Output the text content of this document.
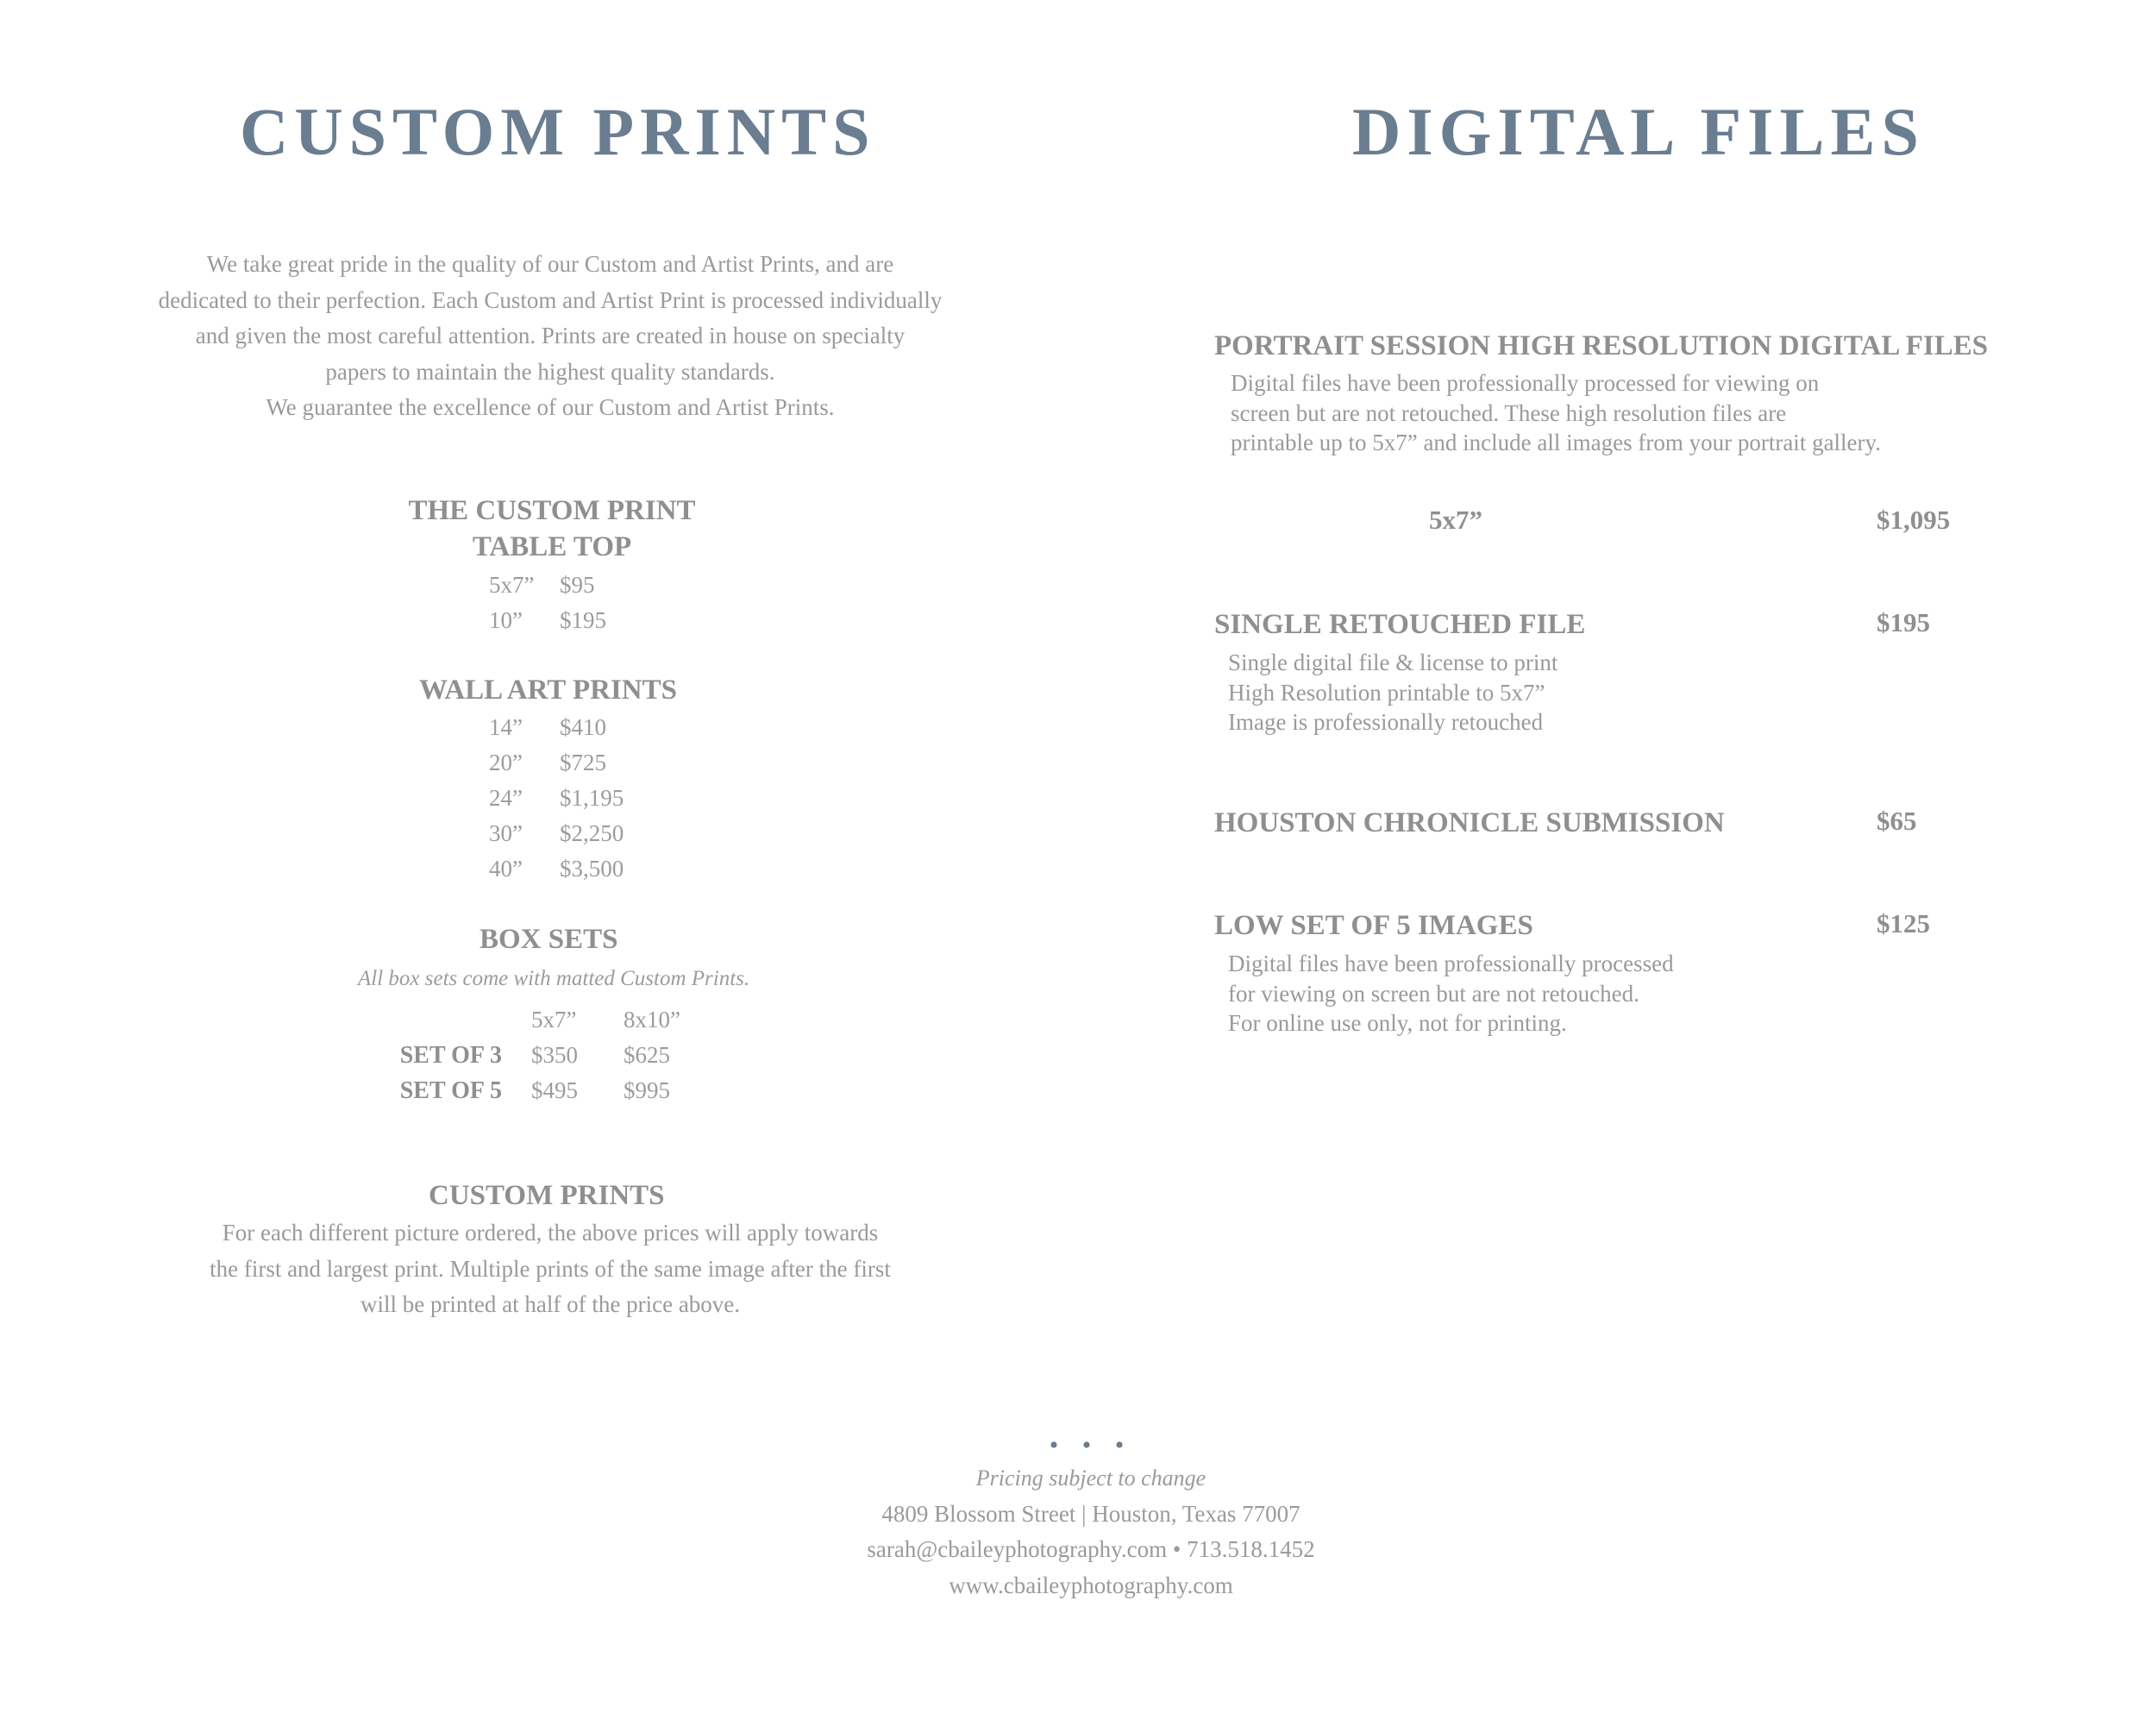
CUSTOM PRINTS
We take great pride in the quality of our Custom and Artist Prints, and are
dedicated to their perfection. Each Custom and Artist Print is processed individually
and given the most careful attention. Prints are created in house on specialty
papers to maintain the highest quality standards.
We guarantee the excellence of our Custom and Artist Prints.
THE CUSTOM PRINT
TABLE TOP
5x7”	$95
10”	$195
WALL ART PRINTS
14”	$410
20”	$725
24”	$1,195
30”	$2,250
40”	$3,500
BOX SETS
All box sets come with matted Custom Prints.
	5x7”	8x10”
SET OF 3	$350	$625
SET OF 5	$495	$995
CUSTOM PRINTS
For each different picture ordered, the above prices will apply towards
the first and largest print. Multiple prints of the same image after the first
will be printed at half of the price above.
DIGITAL FILES
PORTRAIT SESSION HIGH RESOLUTION DIGITAL FILES
Digital files have been professionally processed for viewing on
screen but are not retouched. These high resolution files are
printable up to 5x7” and include all images from your portrait gallery.
5x7”	$1,095
SINGLE RETOUCHED FILE	$195
Single digital file & license to print
High Resolution printable to 5x7”
Image is professionally retouched
HOUSTON CHRONICLE SUBMISSION	$65
LOW SET OF 5 IMAGES	$125
Digital files have been professionally processed
for viewing on screen but are not retouched.
For online use only, not for printing.
• • •
Pricing subject to change
4809 Blossom Street | Houston, Texas 77007
sarah@cbaileyphotography.com • 713.518.1452
www.cbaileyphotography.com
